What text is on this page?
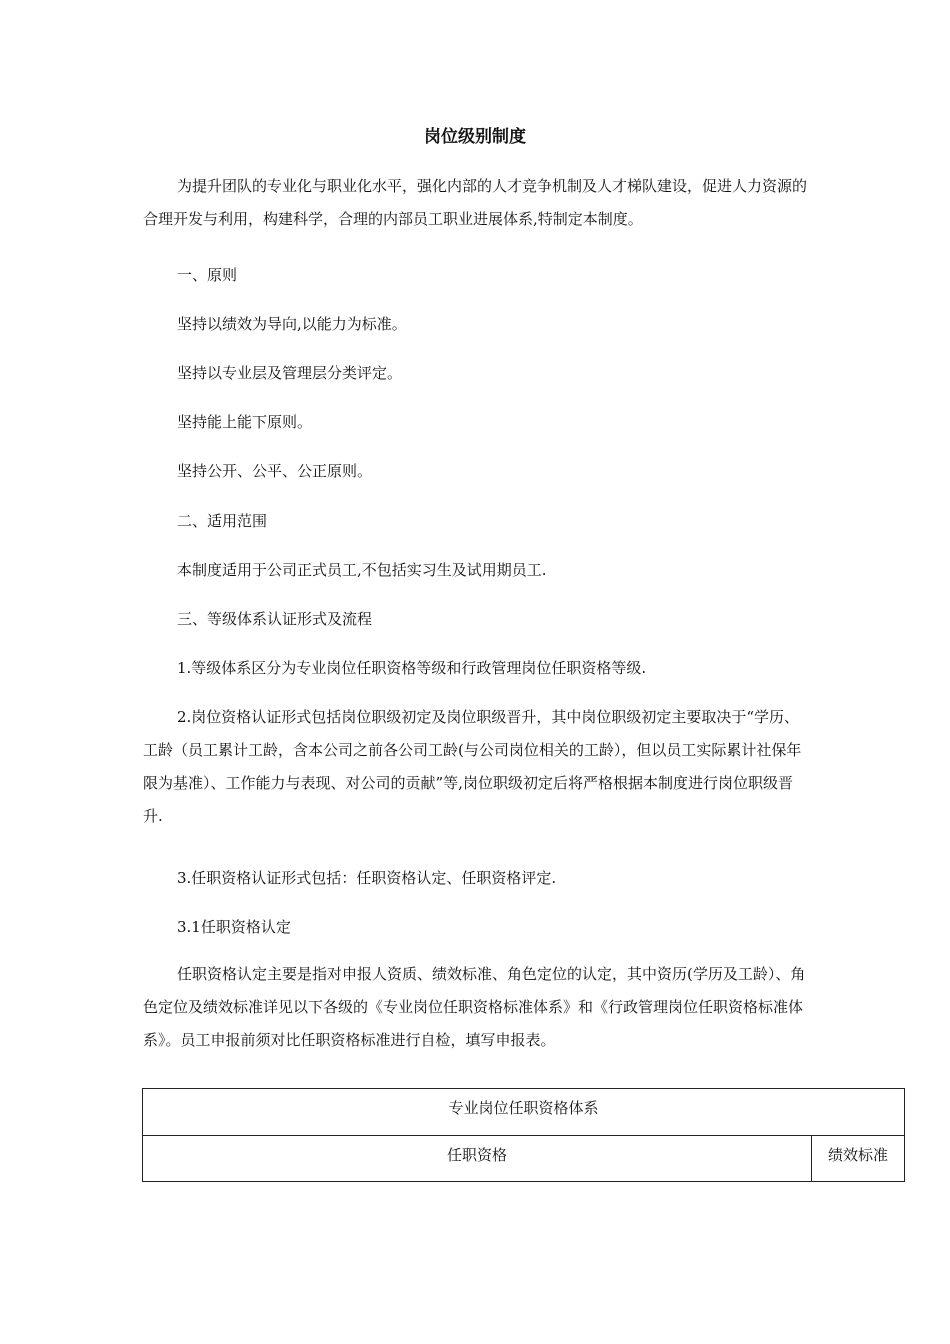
岗位级别制度

为提升团队的专业化与职业化水平，强化内部的人才竞争机制及人才梯队建设，促进人力资源的合理开发与利用，构建科学，合理的内部员工职业进展体系,特制定本制度。

一、原则

坚持以绩效为导向,以能力为标准。

坚持以专业层及管理层分类评定。

坚持能上能下原则。

坚持公开、公平、公正原则。

二、适用范围

本制度适用于公司正式员工,不包括实习生及试用期员工.

三、等级体系认证形式及流程

1.等级体系区分为专业岗位任职资格等级和行政管理岗位任职资格等级.

2.岗位资格认证形式包括岗位职级初定及岗位职级晋升，其中岗位职级初定主要取决于“学历、工龄（员工累计工龄，含本公司之前各公司工龄(与公司岗位相关的工龄），但以员工实际累计社保年限为基准）、工作能力与表现、对公司的贡献”等,岗位职级初定后将严格根据本制度进行岗位职级晋升.

3.任职资格认证形式包括：任职资格认定、任职资格评定.

3.1任职资格认定

任职资格认定主要是指对申报人资质、绩效标准、角色定位的认定，其中资历(学历及工龄）、角色定位及绩效标准详见以下各级的《专业岗位任职资格标准体系》和《行政管理岗位任职资格标准体系》。员工申报前须对比任职资格标准进行自检，填写申报表。

专业岗位任职资格体系
任职资格	绩效标准
